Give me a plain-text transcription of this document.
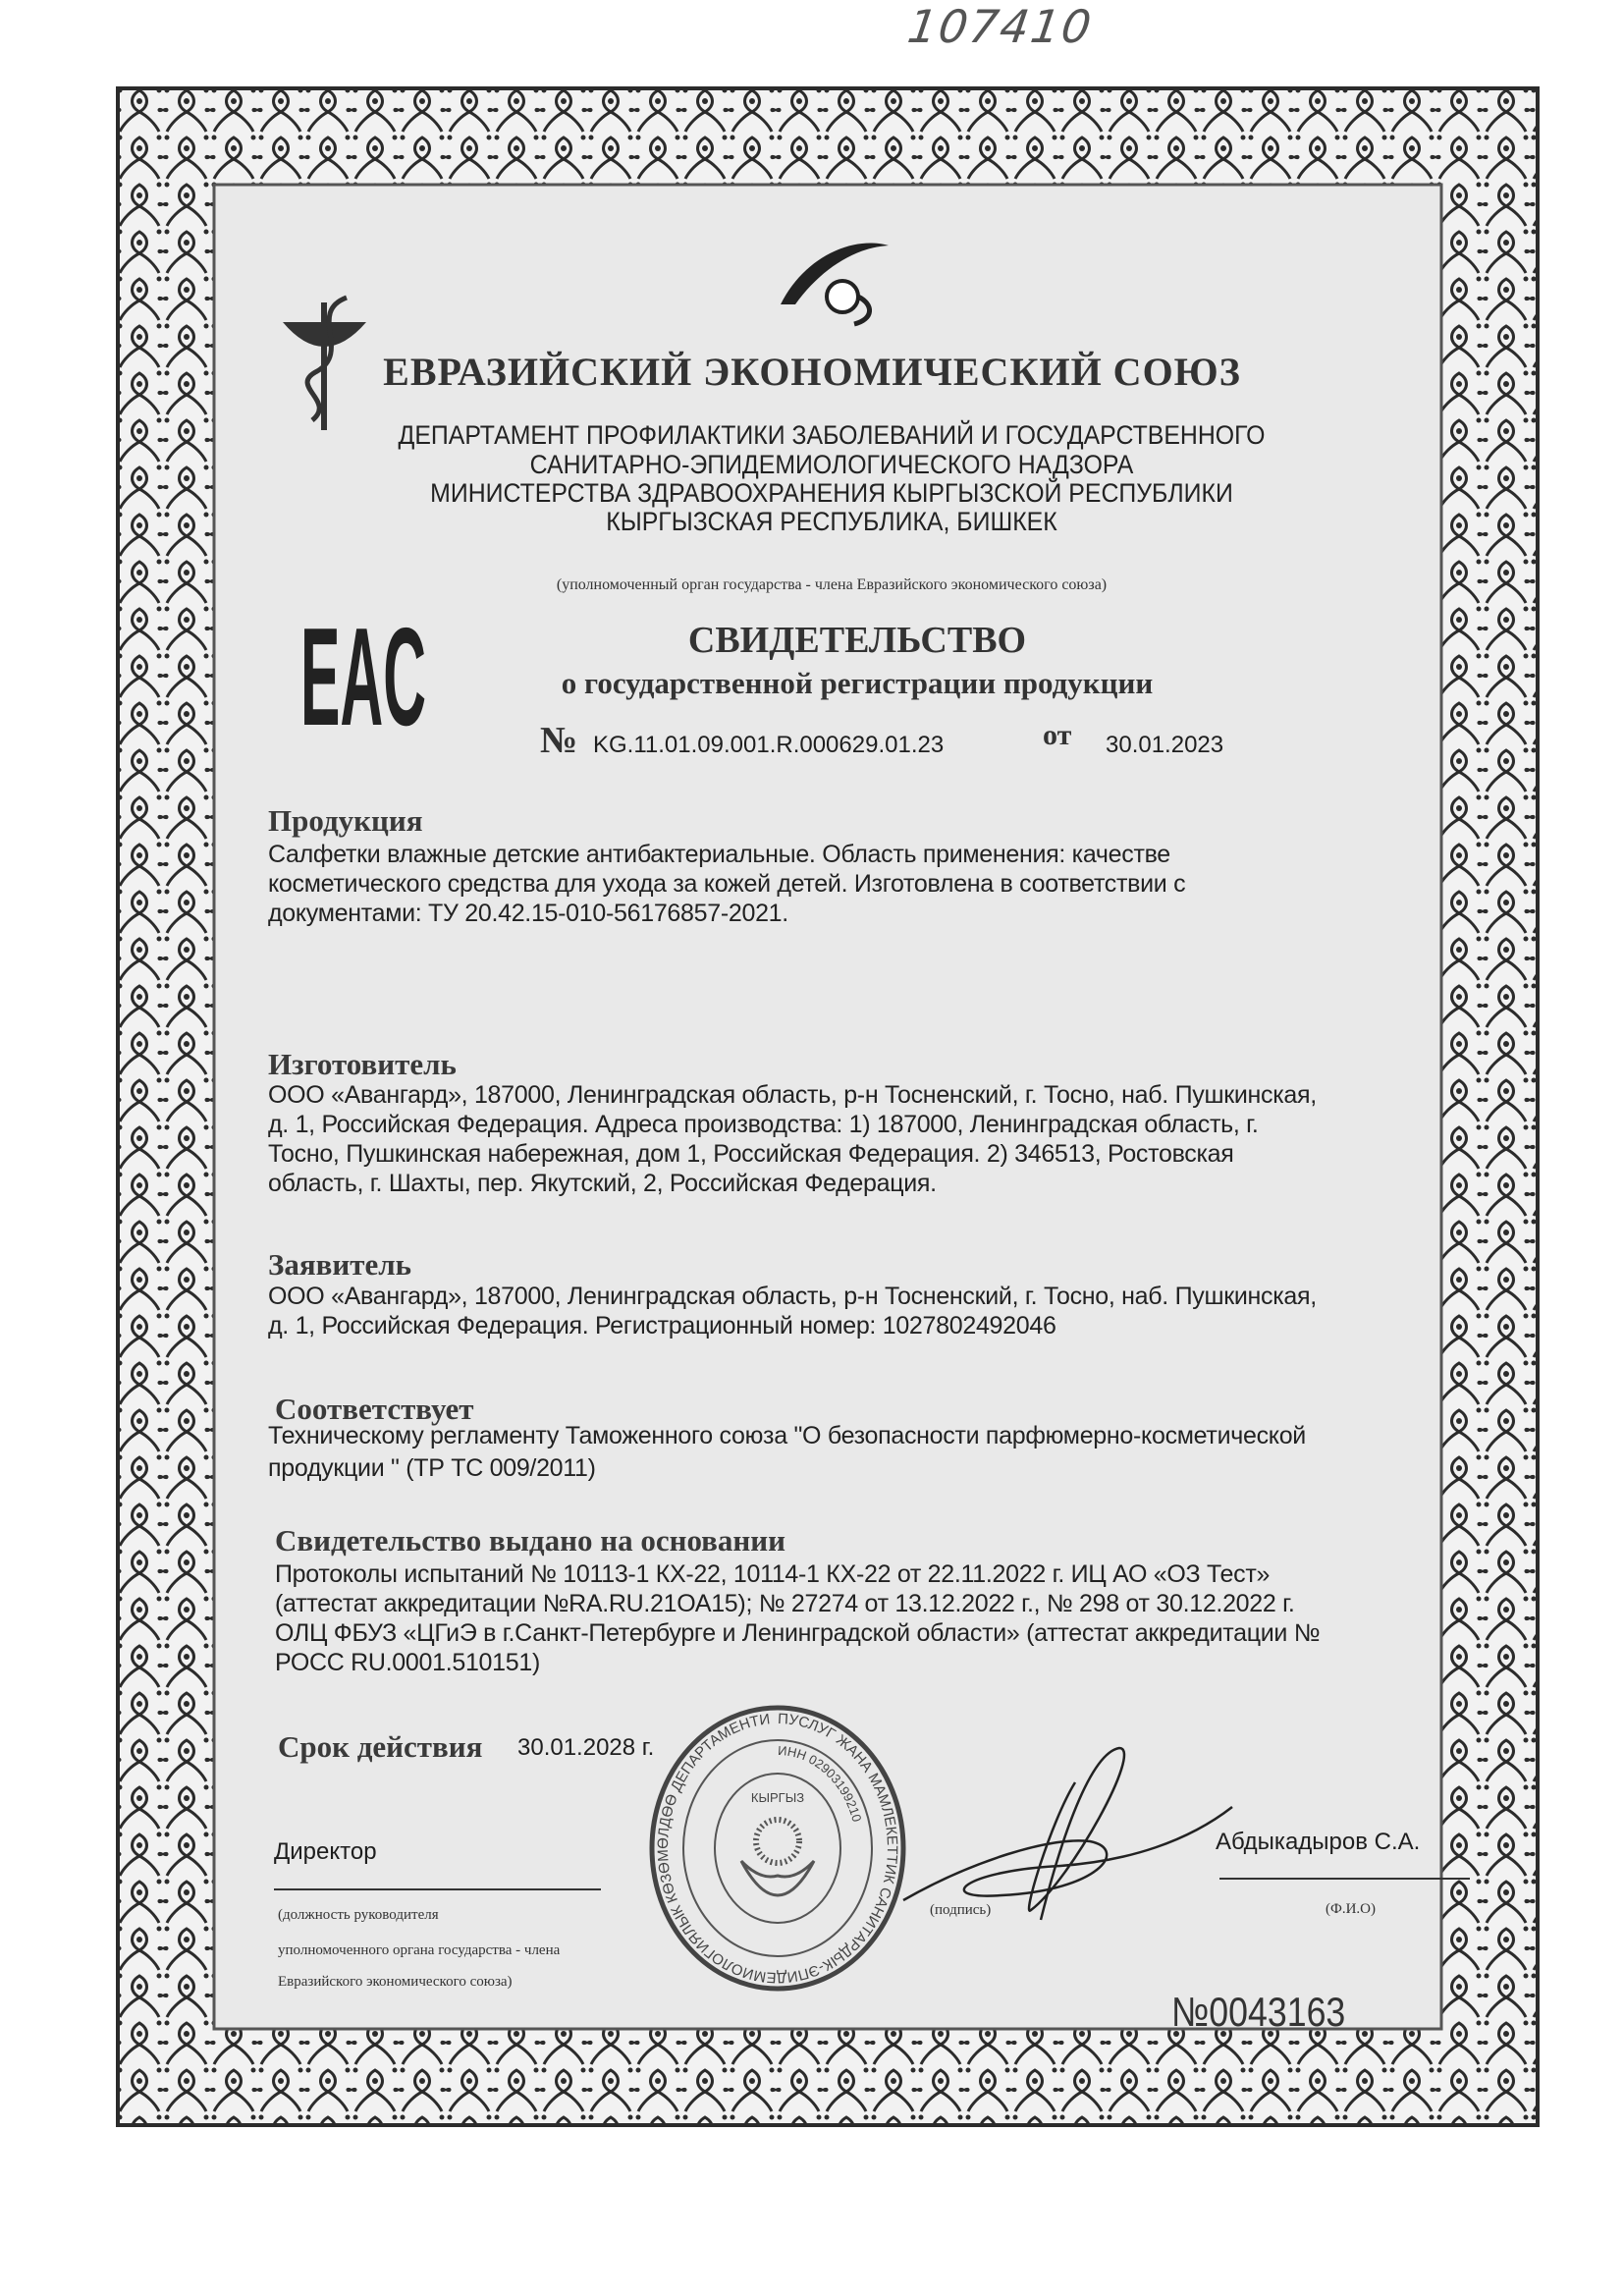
107410
ЕВРАЗИЙСКИЙ ЭКОНОМИЧЕСКИЙ СОЮЗ
ДЕПАРТАМЕНТ ПРОФИЛАКТИКИ ЗАБОЛЕВАНИЙ И ГОСУДАРСТВЕННОГО
САНИТАРНО-ЭПИДЕМИОЛОГИЧЕСКОГО НАДЗОРА
МИНИСТЕРСТВА ЗДРАВООХРАНЕНИЯ КЫРГЫЗСКОЙ РЕСПУБЛИКИ
КЫРГЫЗСКАЯ РЕСПУБЛИКА, БИШКЕК
(уполномоченный орган государства - члена Евразийского экономического союза)
EAC	СВИДЕТЕЛЬСТВО
о государственной регистрации продукции
№ KG.11.01.09.001.R.000629.01.23	от 30.01.2023
Продукция
Салфетки влажные детские антибактериальные. Область применения: качестве
косметического средства для ухода за кожей детей. Изготовлена в соответствии с
документами: ТУ 20.42.15-010-56176857-2021.
Изготовитель
ООО «Авангард», 187000, Ленинградская область, р-н Тосненский, г. Тосно, наб. Пушкинская,
д. 1, Российская Федерация. Адреса производства: 1) 187000, Ленинградская область, г.
Тосно, Пушкинская набережная, дом 1, Российская Федерация. 2) 346513, Ростовская
область, г. Шахты, пер. Якутский, 2, Российская Федерация.
Заявитель
ООО «Авангард», 187000, Ленинградская область, р-н Тосненский, г. Тосно, наб. Пушкинская,
д. 1, Российская Федерация. Регистрационный номер: 1027802492046
Соответствует
Техническому регламенту Таможенного союза "О безопасности парфюмерно-косметической
продукции " (ТР ТС 009/2011)
Свидетельство выдано на основании
Протоколы испытаний № 10113-1 КХ-22, 10114-1 КХ-22 от 22.11.2022 г. ИЦ АО «ОЗ Тест»
(аттестат аккредитации №RA.RU.21ОА15); № 27274 от 13.12.2022 г., № 298 от 30.12.2022 г.
ОЛЦ ФБУЗ «ЦГиЭ в г.Санкт-Петербурге и Ленинградской области» (аттестат аккредитации №
РОСС RU.0001.510151)
Срок действия 30.01.2028 г.
Директор
(должность руководителя
уполномоченного органа государства - члена
Евразийского экономического союза)
ПУСЛУГ ЖАНА МАМЛЕКЕТТИК САНИТАРДЫК-ЭПИДЕМИОЛОГИЯЛЫК КӨЗӨМӨЛДӨӨ ДЕПАРТАМЕНТИ
ИНН 02903199210
КЫРГЫЗ
(подпись)
Абдыкадыров С.А.
(Ф.И.О)
№0043163
